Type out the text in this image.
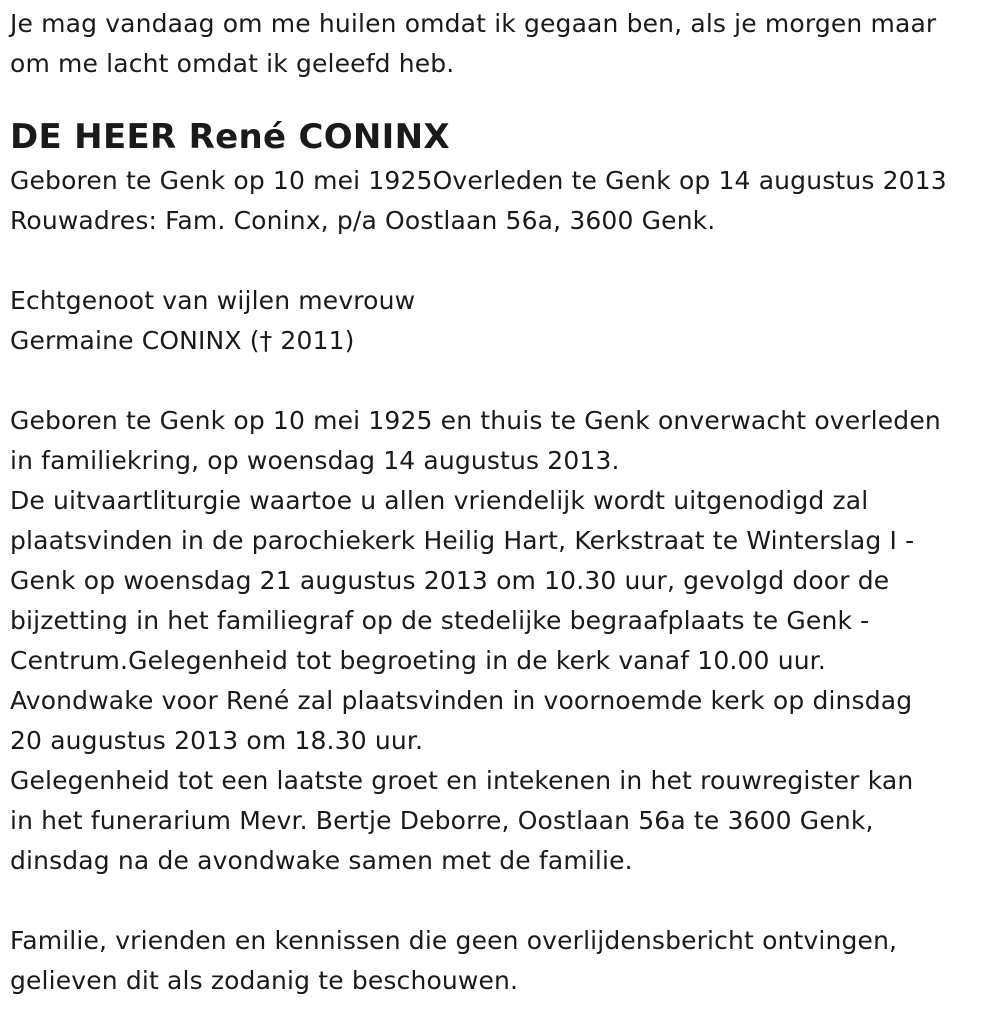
Je mag vandaag om me huilen omdat ik gegaan ben, als je morgen maar
om me lacht omdat ik geleefd heb.
DE HEER René CONINX
Geboren te Genk op 10 mei 1925Overleden te Genk op 14 augustus 2013
Rouwadres: Fam. Coninx, p/a Oostlaan 56a, 3600 Genk.
Echtgenoot van wijlen mevrouw
Germaine CONINX († 2011)
Geboren te Genk op 10 mei 1925 en thuis te Genk onverwacht overleden
in familiekring, op woensdag 14 augustus 2013.
De uitvaartliturgie waartoe u allen vriendelijk wordt uitgenodigd zal
plaatsvinden in de parochiekerk Heilig Hart, Kerkstraat te Winterslag I -
Genk op woensdag 21 augustus 2013 om 10.30 uur, gevolgd door de
bijzetting in het familiegraf op de stedelijke begraafplaats te Genk -
Centrum.Gelegenheid tot begroeting in de kerk vanaf 10.00 uur.
Avondwake voor René zal plaatsvinden in voornoemde kerk op dinsdag
20 augustus 2013 om 18.30 uur.
Gelegenheid tot een laatste groet en intekenen in het rouwregister kan
in het funerarium Mevr. Bertje Deborre, Oostlaan 56a te 3600 Genk,
dinsdag na de avondwake samen met de familie.
Familie, vrienden en kennissen die geen overlijdensbericht ontvingen,
gelieven dit als zodanig te beschouwen.
